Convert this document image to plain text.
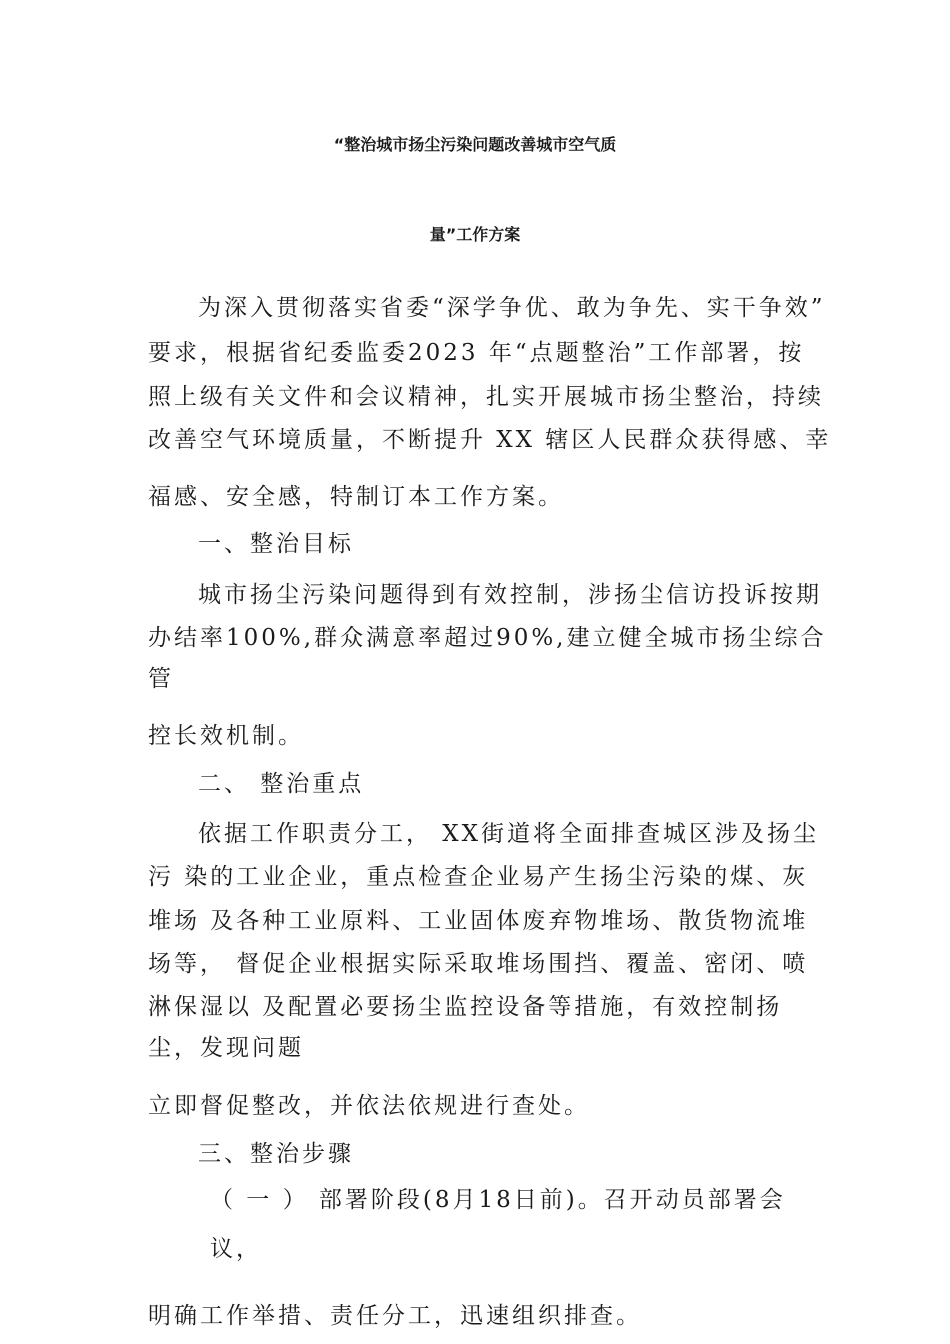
“整治城市扬尘污染问题改善城市空气质
量”工作方案

为深入贯彻落实省委“深学争优、敢为争先、实干争效”

要求，根据省纪委监委2023 年“点题整治”工作部署，按

照上级有关文件和会议精神，扎实开展城市扬尘整治，持续

改善空气环境质量，不断提升 XX 辖区人民群众获得感、幸

福感、安全感，特制订本工作方案。

一、整治目标

城市扬尘污染问题得到有效控制，涉扬尘信访投诉按期

办结率100%,群众满意率超过90%,建立健全城市扬尘综合

管

控长效机制。

二、 整治重点

依据工作职责分工， XX街道将全面排查城区涉及扬尘

污 染的工业企业，重点检查企业易产生扬尘污染的煤、灰

堆场 及各种工业原料、工业固体废弃物堆场、散货物流堆

场等， 督促企业根据实际采取堆场围挡、覆盖、密闭、喷

淋保湿以 及配置必要扬尘监控设备等措施，有效控制扬

尘，发现问题

立即督促整改，并依法依规进行查处。

三、整治步骤

（ 一 ） 部署阶段(8月18日前)。召开动员部署会

议，

明确工作举措、责任分工，迅速组织排查。
